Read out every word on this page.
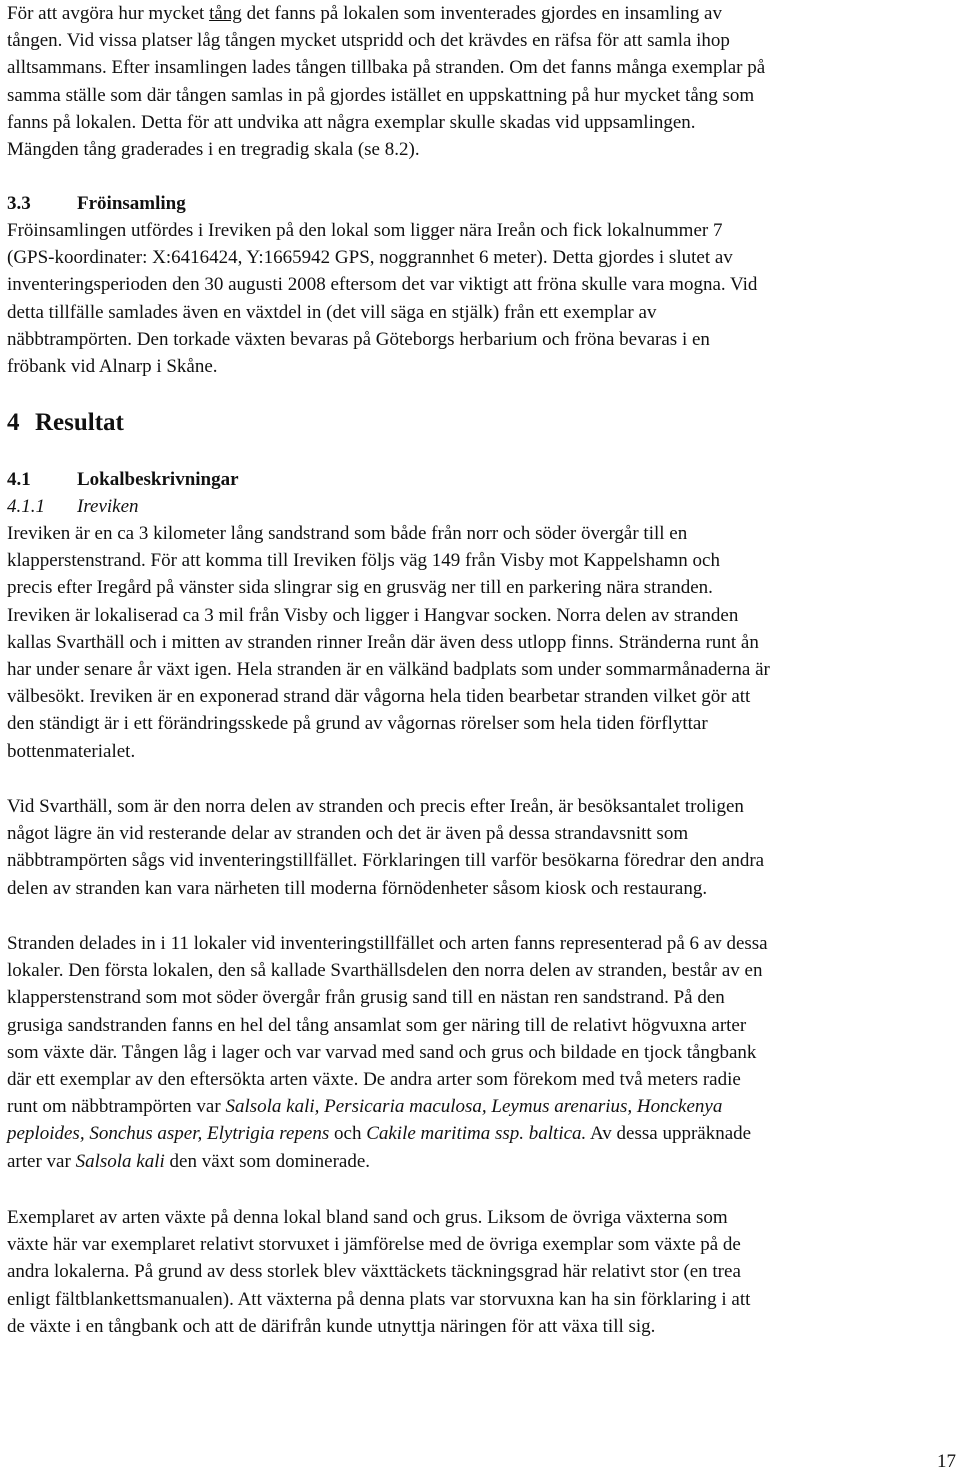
För att avgöra hur mycket tång det fanns på lokalen som inventerades gjordes en insamling av
tången. Vid vissa platser låg tången mycket utspridd och det krävdes en räfsa för att samla ihop
alltsammans. Efter insamlingen lades tången tillbaka på stranden. Om det fanns många exemplar på
samma ställe som där tången samlas in på gjordes istället en uppskattning på hur mycket tång som
fanns på lokalen. Detta för att undvika att några exemplar skulle skadas vid uppsamlingen.
Mängden tång graderades i en tregradig skala (se 8.2).

3.3 Fröinsamling

Fröinsamlingen utfördes i Ireviken på den lokal som ligger nära Ireån och fick lokalnummer 7
(GPS-koordinater: X:6416424, Y:1665942 GPS, noggrannhet 6 meter). Detta gjordes i slutet av
inventeringsperioden den 30 augusti 2008 eftersom det var viktigt att fröna skulle vara mogna. Vid
detta tillfälle samlades även en växtdel in (det vill säga en stjälk) från ett exemplar av
näbbtrampörten. Den torkade växten bevaras på Göteborgs herbarium och fröna bevaras i en
fröbank vid Alnarp i Skåne.

4 Resultat
4.1 Lokalbeskrivningar
4.1.1 Ireviken

Ireviken är en ca 3 kilometer lång sandstrand som både från norr och söder övergår till en
klapperstenstrand. För att komma till Ireviken följs väg 149 från Visby mot Kappelshamn och
precis efter Iregård på vänster sida slingrar sig en grusväg ner till en parkering nära stranden.
Ireviken är lokaliserad ca 3 mil från Visby och ligger i Hangvar socken. Norra delen av stranden
kallas Svarthäll och i mitten av stranden rinner Ireån där även dess utlopp finns. Stränderna runt ån
har under senare år växt igen. Hela stranden är en välkänd badplats som under sommarmånaderna är
välbesökt. Ireviken är en exponerad strand där vågorna hela tiden bearbetar stranden vilket gör att
den ständigt är i ett förändringsskede på grund av vågornas rörelser som hela tiden förflyttar
bottenmaterialet.

Vid Svarthäll, som är den norra delen av stranden och precis efter Ireån, är besöksantalet troligen
något lägre än vid resterande delar av stranden och det är även på dessa strandavsnitt som
näbbtrampörten sågs vid inventeringstillfället. Förklaringen till varför besökarna föredrar den andra
delen av stranden kan vara närheten till moderna förnödenheter såsom kiosk och restaurang.

Stranden delades in i 11 lokaler vid inventeringstillfället och arten fanns representerad på 6 av dessa
lokaler. Den första lokalen, den så kallade Svarthällsdelen den norra delen av stranden, består av en
klapperstenstrand som mot söder övergår från grusig sand till en nästan ren sandstrand. På den
grusiga sandstranden fanns en hel del tång ansamlat som ger näring till de relativt högvuxna arter
som växte där. Tången låg i lager och var varvad med sand och grus och bildade en tjock tångbank
där ett exemplar av den eftersökta arten växte. De andra arter som förekom med två meters radie
runt om näbbtrampörten var Salsola kali, Persicaria maculosa, Leymus arenarius, Honckenya
peploides, Sonchus asper, Elytrigia repens och Cakile maritima ssp. baltica. Av dessa uppräknade
arter var Salsola kali den växt som dominerade.

Exemplaret av arten växte på denna lokal bland sand och grus. Liksom de övriga växterna som
växte här var exemplaret relativt storvuxet i jämförelse med de övriga exemplar som växte på de
andra lokalerna. På grund av dess storlek blev växttäckets täckningsgrad här relativt stor (en trea
enligt fältblankettsmanualen). Att växterna på denna plats var storvuxna kan ha sin förklaring i att
de växte i en tångbank och att de därifrån kunde utnyttja näringen för att växa till sig.

17
